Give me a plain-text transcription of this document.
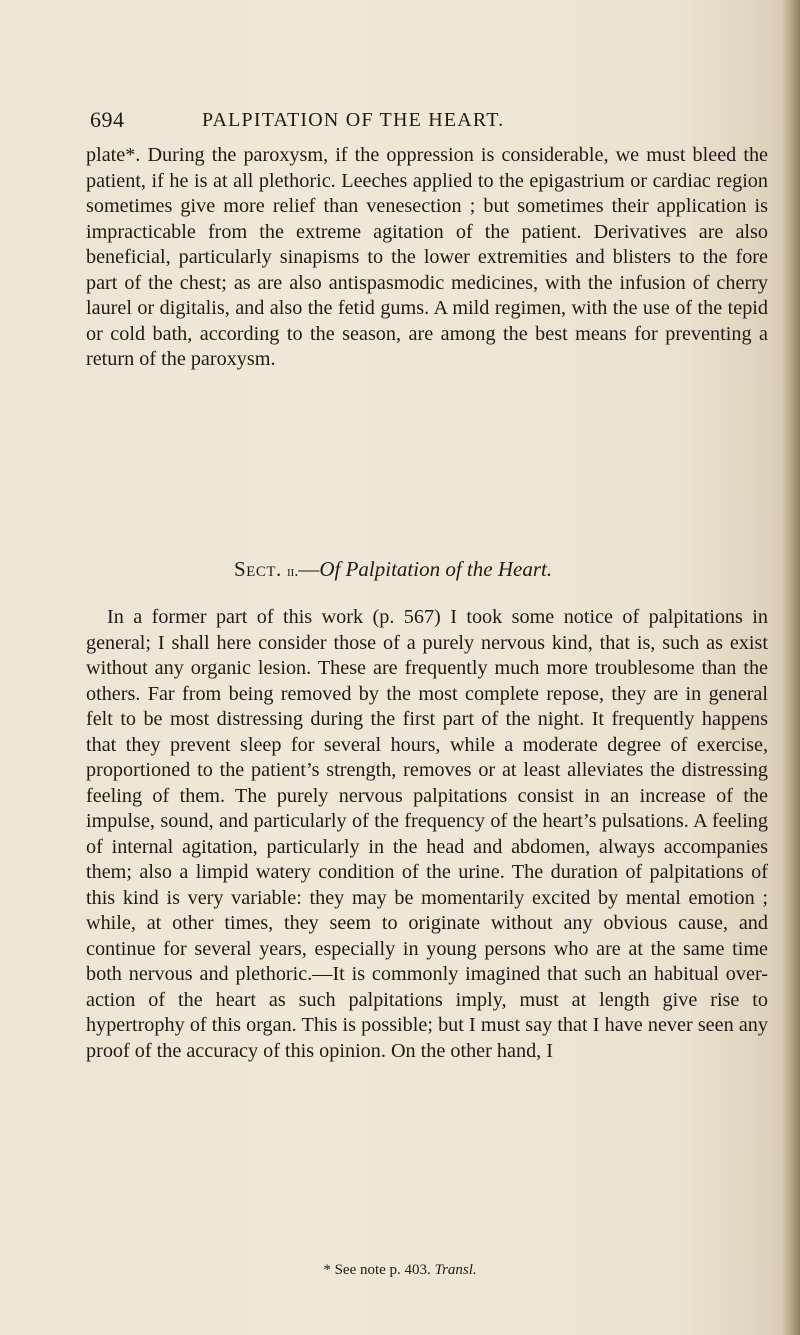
694	PALPITATION OF THE HEART.

plate*. During the paroxysm, if the oppression is considerable, we must bleed the patient, if he is at all plethoric. Leeches applied to the epigastrium or cardiac region sometimes give more relief than venesection ; but sometimes their application is impracticable from the extreme agitation of the patient. Derivatives are also beneficial, particularly sinapisms to the lower extremities and blisters to the fore part of the chest; as are also antispasmodic medicines, with the infusion of cherry laurel or digitalis, and also the fetid gums. A mild regimen, with the use of the tepid or cold bath, according to the season, are among the best means for preventing a return of the paroxysm.

Sect. ii.—Of Palpitation of the Heart.

In a former part of this work (p. 567) I took some notice of palpitations in general; I shall here consider those of a purely nervous kind, that is, such as exist without any organic lesion. These are frequently much more troublesome than the others. Far from being removed by the most complete repose, they are in general felt to be most distressing during the first part of the night. It frequently happens that they prevent sleep for several hours, while a moderate degree of exercise, proportioned to the patient’s strength, removes or at least alleviates the distressing feeling of them. The purely nervous palpitations consist in an increase of the impulse, sound, and particularly of the frequency of the heart’s pulsations. A feeling of internal agitation, particularly in the head and abdomen, always accompanies them; also a limpid watery condition of the urine. The duration of palpitations of this kind is very variable: they may be momentarily excited by mental emotion ; while, at other times, they seem to originate without any obvious cause, and continue for several years, especially in young persons who are at the same time both nervous and plethoric.—It is commonly imagined that such an habitual over-action of the heart as such palpitations imply, must at length give rise to hypertrophy of this organ. This is possible; but I must say that I have never seen any proof of the accuracy of this opinion. On the other hand, I

* See note p. 403. Transl.
